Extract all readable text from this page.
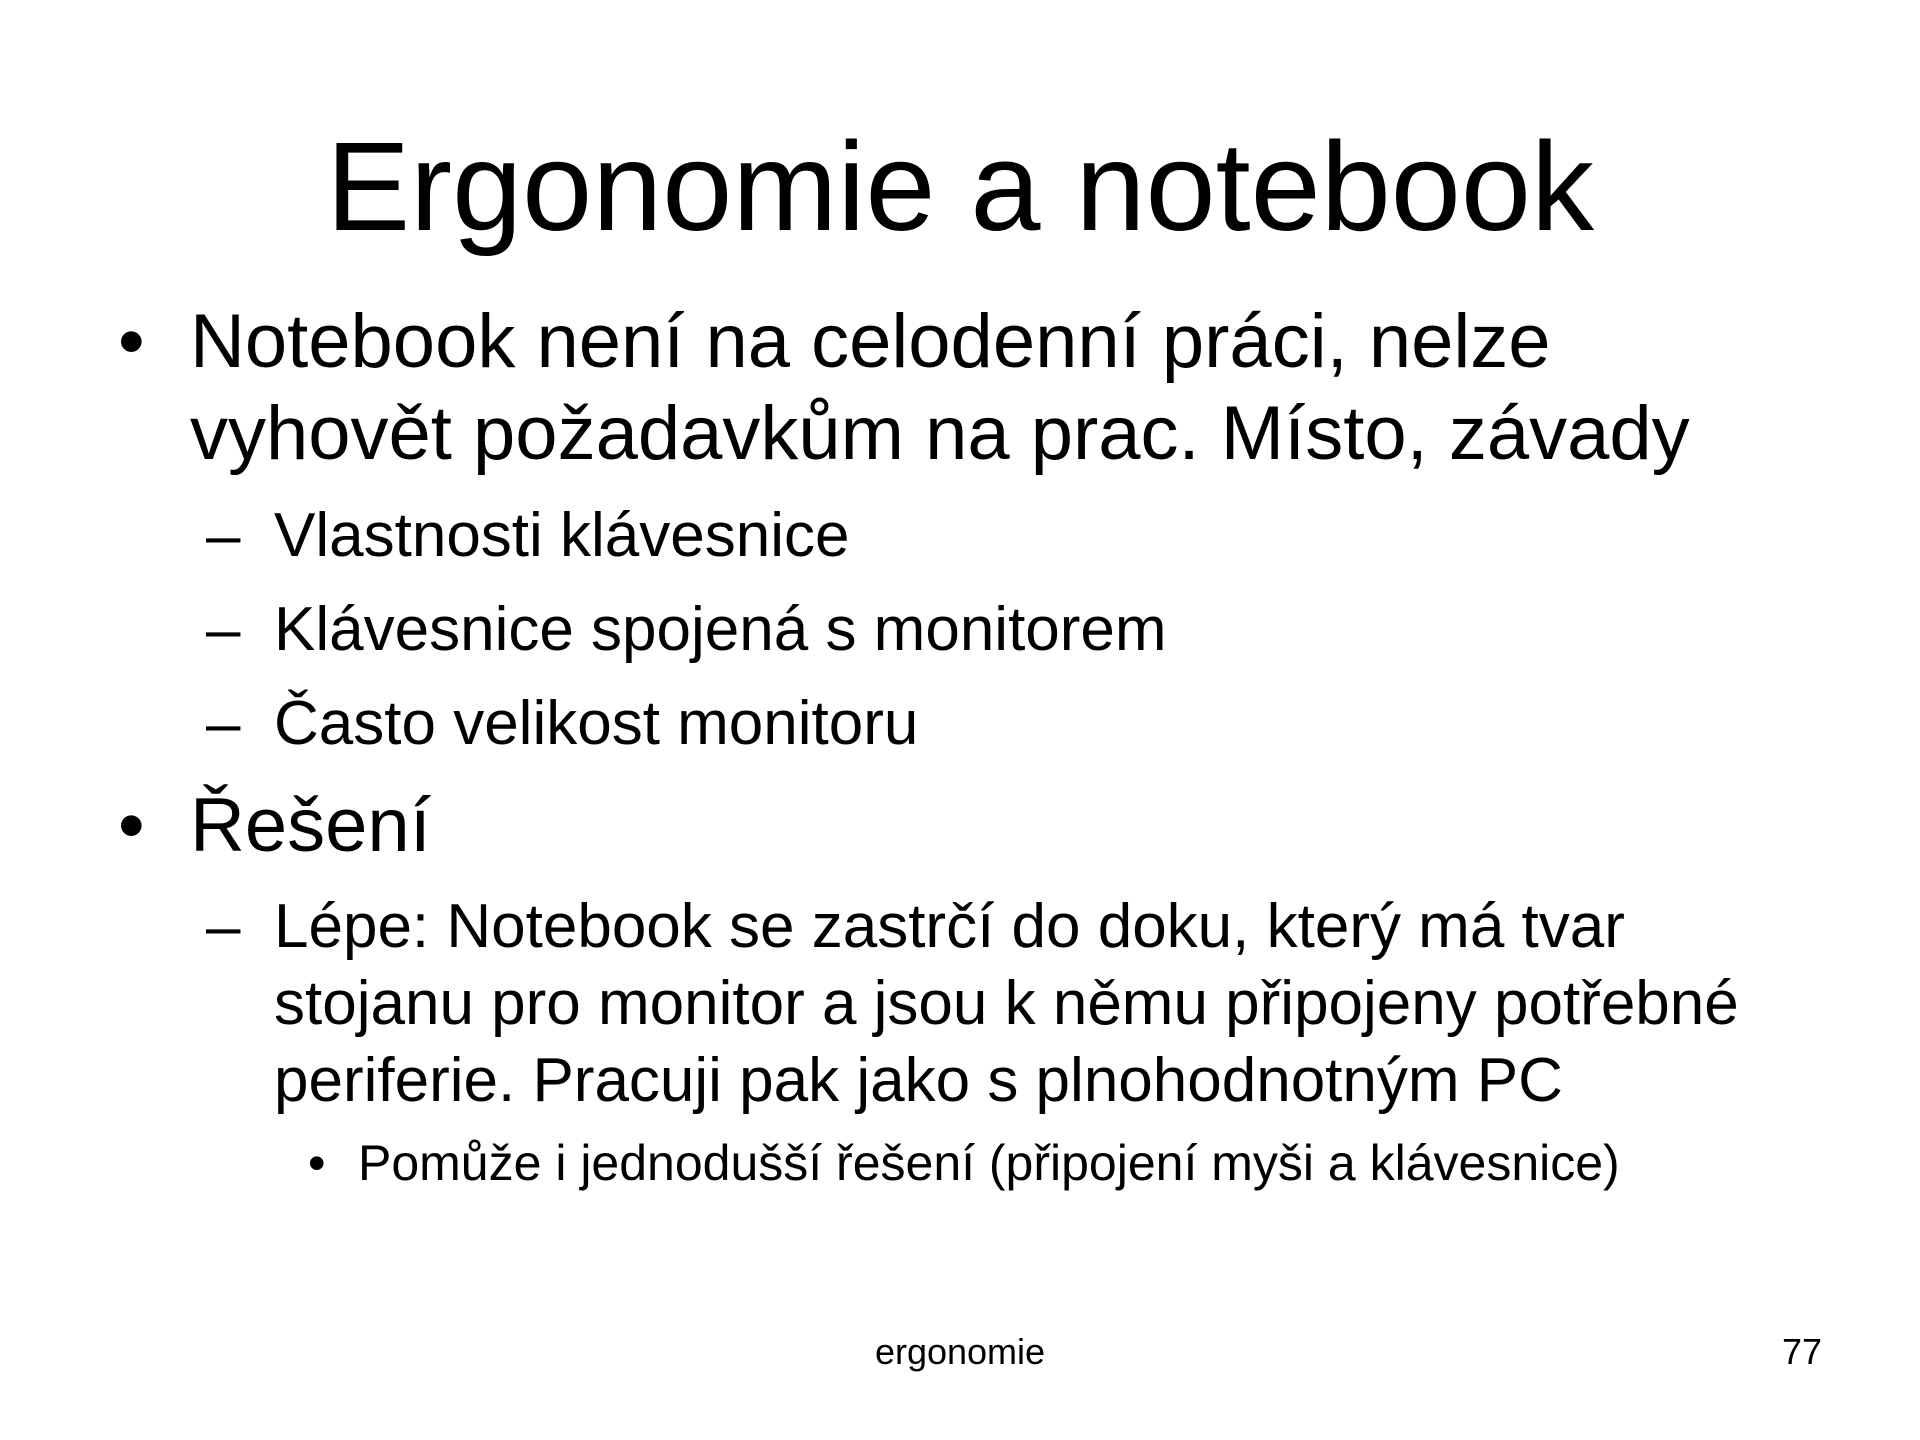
Ergonomie a notebook
• Notebook není na celodenní práci, nelze vyhovět požadavkům na prac. Místo, závady
– Vlastnosti klávesnice
– Klávesnice spojená s monitorem
– Často velikost monitoru
• Řešení
– Lépe: Notebook se zastrčí do doku, který má tvar stojanu pro monitor a jsou k němu připojeny potřebné periferie. Pracuji pak jako s plnohodnotným PC
• Pomůže i jednodušší řešení (připojení myši a klávesnice)
ergonomie	77
